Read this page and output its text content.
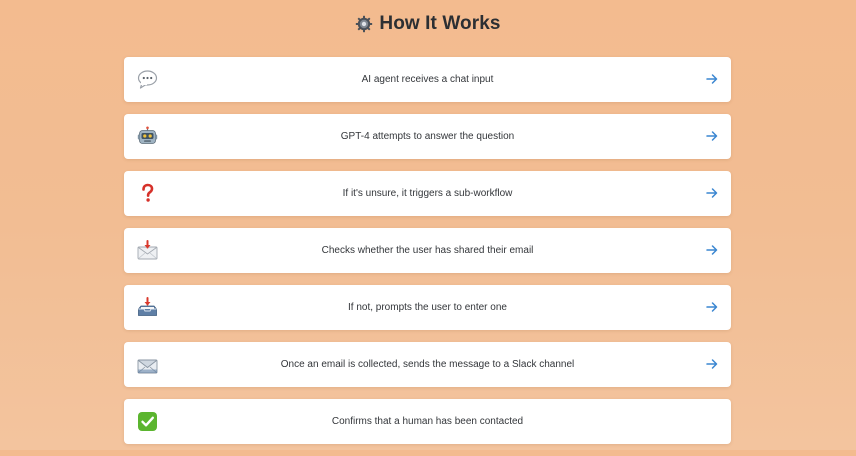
How It Works
AI agent receives a chat input
GPT-4 attempts to answer the question
If it's unsure, it triggers a sub-workflow
Checks whether the user has shared their email
If not, prompts the user to enter one
Once an email is collected, sends the message to a Slack channel
Confirms that a human has been contacted
